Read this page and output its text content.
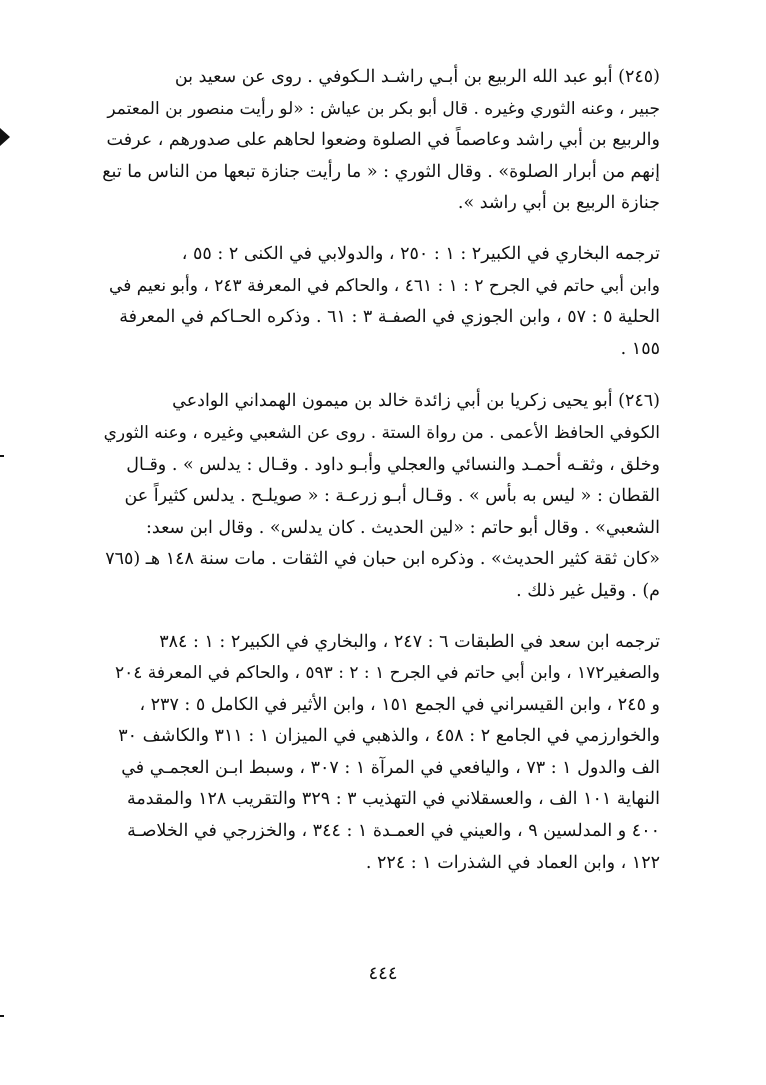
(٢٤٥) أبو عبد الله الربيع بن أبـي راشـد الـكوفي . روى عن سعيد بن
جبير ، وعنه الثوري وغيره . قال أبو بكر بن عياش : «لو رأيت منصور بن المعتمر
والربيع بن أبي راشد وعاصماً في الصلوة وضعوا لحاهم على صدورهم ، عرفت
إنهم من أبرار الصلوة» . وقال الثوري : « ما رأيت جنازة تبعها من الناس ما تبع
جنازة الربيع بن أبي راشد ».
ترجمه البخاري في الكبير٢ : ١ : ٢٥٠ ، والدولابي في الكنى ٢ : ٥٥ ،
وابن أبي حاتم في الجرح ٢ : ١ : ٤٦١ ، والحاكم في المعرفة ٢٤٣ ، وأبو نعيم في
الحلية ٥ : ٥٧ ، وابن الجوزي في الصفـة ٣ : ٦١ . وذكره الحـاكم في المعرفة
١٥٥ .
(٢٤٦) أبو يحيى زكريا بن أبي زائدة خالد بن ميمون الهمداني الوادعي
الكوفي الحافظ الأعمى . من رواة الستة . روى عن الشعبي وغيره ، وعنه الثوري
وخلق ، وثقـه أحمـد والنسائي والعجلي وأبـو داود . وقـال : يدلس » . وقـال
القطان : « ليس به بأس » . وقـال أبـو زرعـة : « صويلـح . يدلس كثيراً عن
الشعبي» . وقال أبو حاتم : «لين الحديث . كان يدلس» . وقال ابن سعد:
«كان ثقة كثير الحديث» . وذكره ابن حبان في الثقات . مات سنة ١٤٨ هـ (٧٦٥
م) . وقيل غير ذلك .
ترجمه ابن سعد في الطبقات ٦ : ٢٤٧ ، والبخاري في الكبير٢ : ١ : ٣٨٤
والصغير١٧٢ ، وابن أبي حاتم في الجرح ١ : ٢ : ٥٩٣ ، والحاكم في المعرفة ٢٠٤
و ٢٤٥ ، وابن القيسراني في الجمع ١٥١ ، وابن الأثير في الكامل ٥ : ٢٣٧ ،
والخوارزمي في الجامع ٢ : ٤٥٨ ، والذهبي في الميزان ١ : ٣١١ والكاشف ٣٠
الف والدول ١ : ٧٣ ، واليافعي في المرآة ١ : ٣٠٧ ، وسبط ابـن العجمـي في
النهاية ١٠١ الف ، والعسقلاني في التهذيب ٣ : ٣٢٩ والتقريب ١٢٨ والمقدمة
٤٠٠ و المدلسين ٩ ، والعيني في العمـدة ١ : ٣٤٤ ، والخزرجي في الخلاصـة
١٢٢ ، وابن العماد في الشذرات ١ : ٢٢٤ .
٤٤٤
